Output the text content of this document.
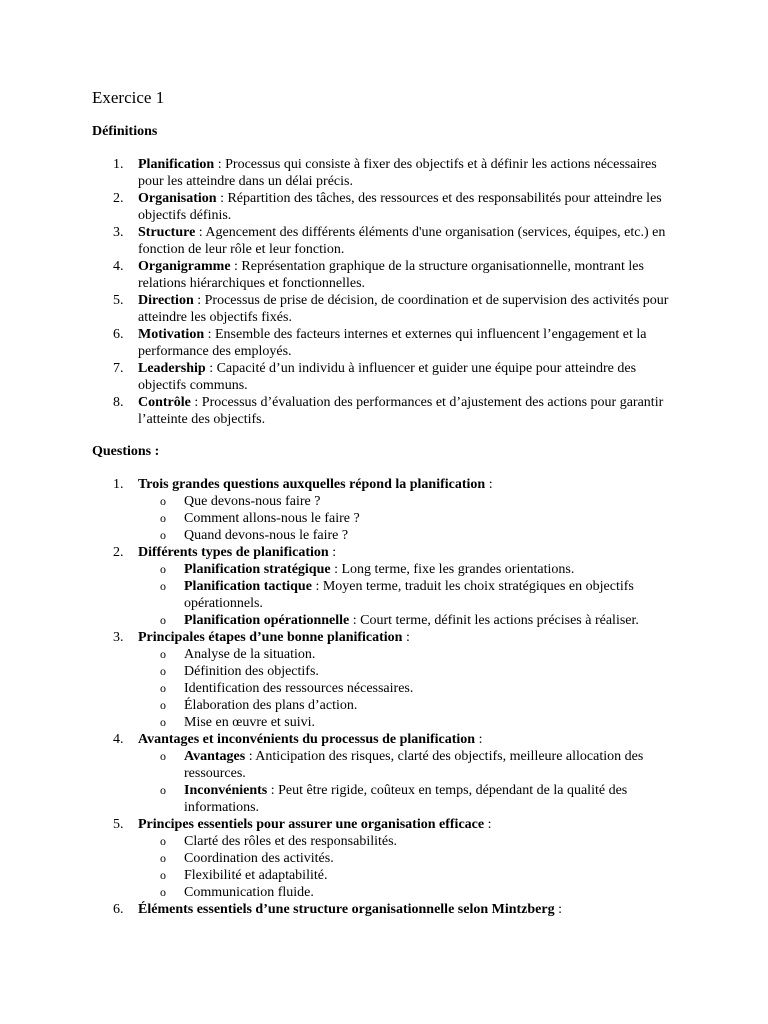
Exercice 1

Définitions

1.	Planification : Processus qui consiste à fixer des objectifs et à définir les actions nécessaires pour les atteindre dans un délai précis.
2.	Organisation : Répartition des tâches, des ressources et des responsabilités pour atteindre les objectifs définis.
3.	Structure : Agencement des différents éléments d'une organisation (services, équipes, etc.) en fonction de leur rôle et leur fonction.
4.	Organigramme : Représentation graphique de la structure organisationnelle, montrant les relations hiérarchiques et fonctionnelles.
5.	Direction : Processus de prise de décision, de coordination et de supervision des activités pour atteindre les objectifs fixés.
6.	Motivation : Ensemble des facteurs internes et externes qui influencent l’engagement et la performance des employés.
7.	Leadership : Capacité d’un individu à influencer et guider une équipe pour atteindre des objectifs communs.
8.	Contrôle : Processus d’évaluation des performances et d’ajustement des actions pour garantir l’atteinte des objectifs.

Questions :

1.	Trois grandes questions auxquelles répond la planification :
o Que devons-nous faire ?
o Comment allons-nous le faire ?
o Quand devons-nous le faire ?
2.	Différents types de planification :
o Planification stratégique : Long terme, fixe les grandes orientations.
o Planification tactique : Moyen terme, traduit les choix stratégiques en objectifs opérationnels.
o Planification opérationnelle : Court terme, définit les actions précises à réaliser.
3.	Principales étapes d’une bonne planification :
o Analyse de la situation.
o Définition des objectifs.
o Identification des ressources nécessaires.
o Élaboration des plans d’action.
o Mise en œuvre et suivi.
4.	Avantages et inconvénients du processus de planification :
o Avantages : Anticipation des risques, clarté des objectifs, meilleure allocation des ressources.
o Inconvénients : Peut être rigide, coûteux en temps, dépendant de la qualité des informations.
5.	Principes essentiels pour assurer une organisation efficace :
o Clarté des rôles et des responsabilités.
o Coordination des activités.
o Flexibilité et adaptabilité.
o Communication fluide.
6.	Éléments essentiels d’une structure organisationnelle selon Mintzberg :
